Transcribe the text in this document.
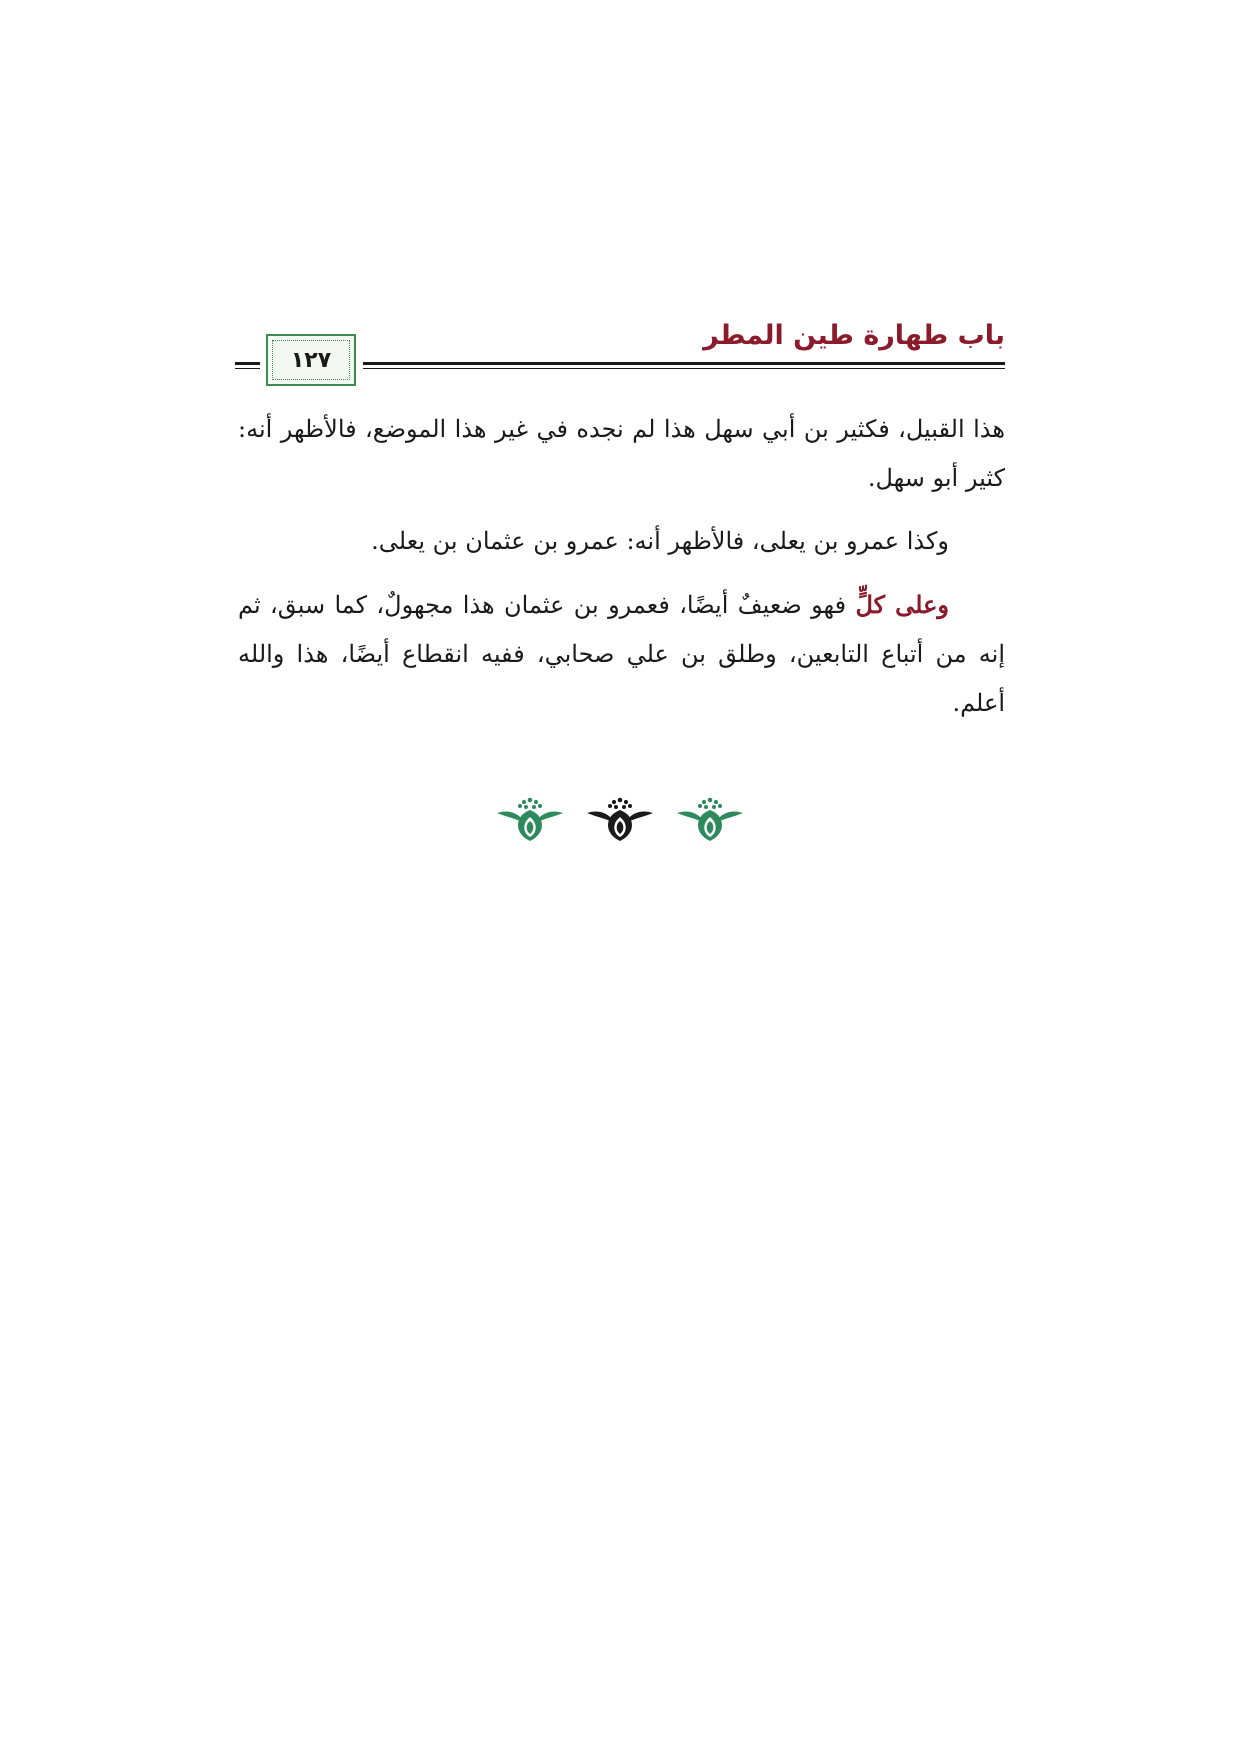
باب طهارة طين المطر
١٢٧

هذا القبيل، فكثير بن أبي سهل هذا لم نجده في غير هذا الموضع، فالأظهر أنه: كثير أبو سهل.

وكذا عمرو بن يعلى، فالأظهر أنه: عمرو بن عثمان بن يعلى.

وعلى كلٍّ فهو ضعيفٌ أيضًا، فعمرو بن عثمان هذا مجهولٌ، كما سبق، ثم إنه من أتباع التابعين، وطلق بن علي صحابي، ففيه انقطاع أيضًا، هذا والله أعلم.
